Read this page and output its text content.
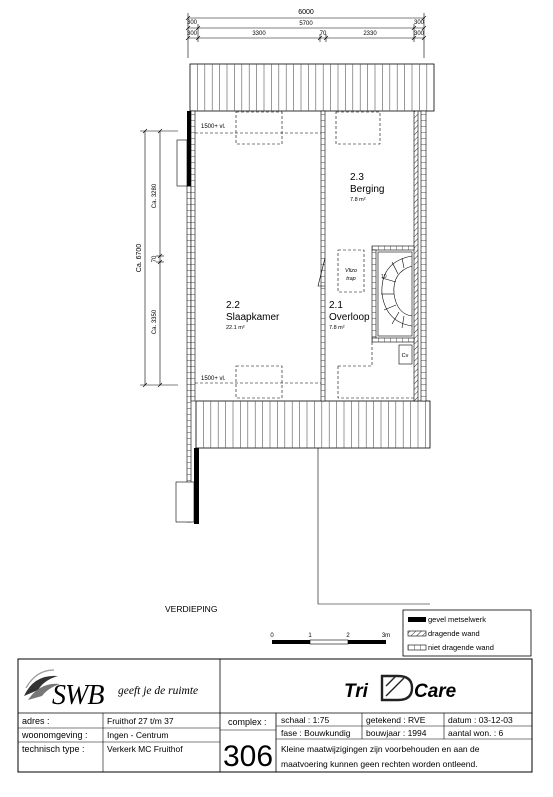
6000
300	5700	300
300	3300	70	2330	300
Ca. 6700
Ca. 3280
70
Ca. 3350
10
Cv
1500+ vl.
1500+ vl.
Vlizo
trap
2.2
Slaapkamer
22.1 m²
2.1
Overloop
7.8 m²
2.3
Berging
7.8 m²
VERDIEPING
0	1	2	3m
gevel metselwerk
dragende wand
niet dragende wand
SWB geeft je de ruimte	Tri Care
adres :	Fruithof 27 t/m 37
woonomgeving : Ingen - Centrum
technisch type :	Verkerk MC Fruithof
complex :
306
schaal : 1:75	getekend : RVE	datum : 03-12-03
fase : Bouwkundig bouwjaar : 1994	aantal won. : 6
Kleine maatwijzigingen zijn voorbehouden en aan de
maatvoering kunnen geen rechten worden ontleend.
